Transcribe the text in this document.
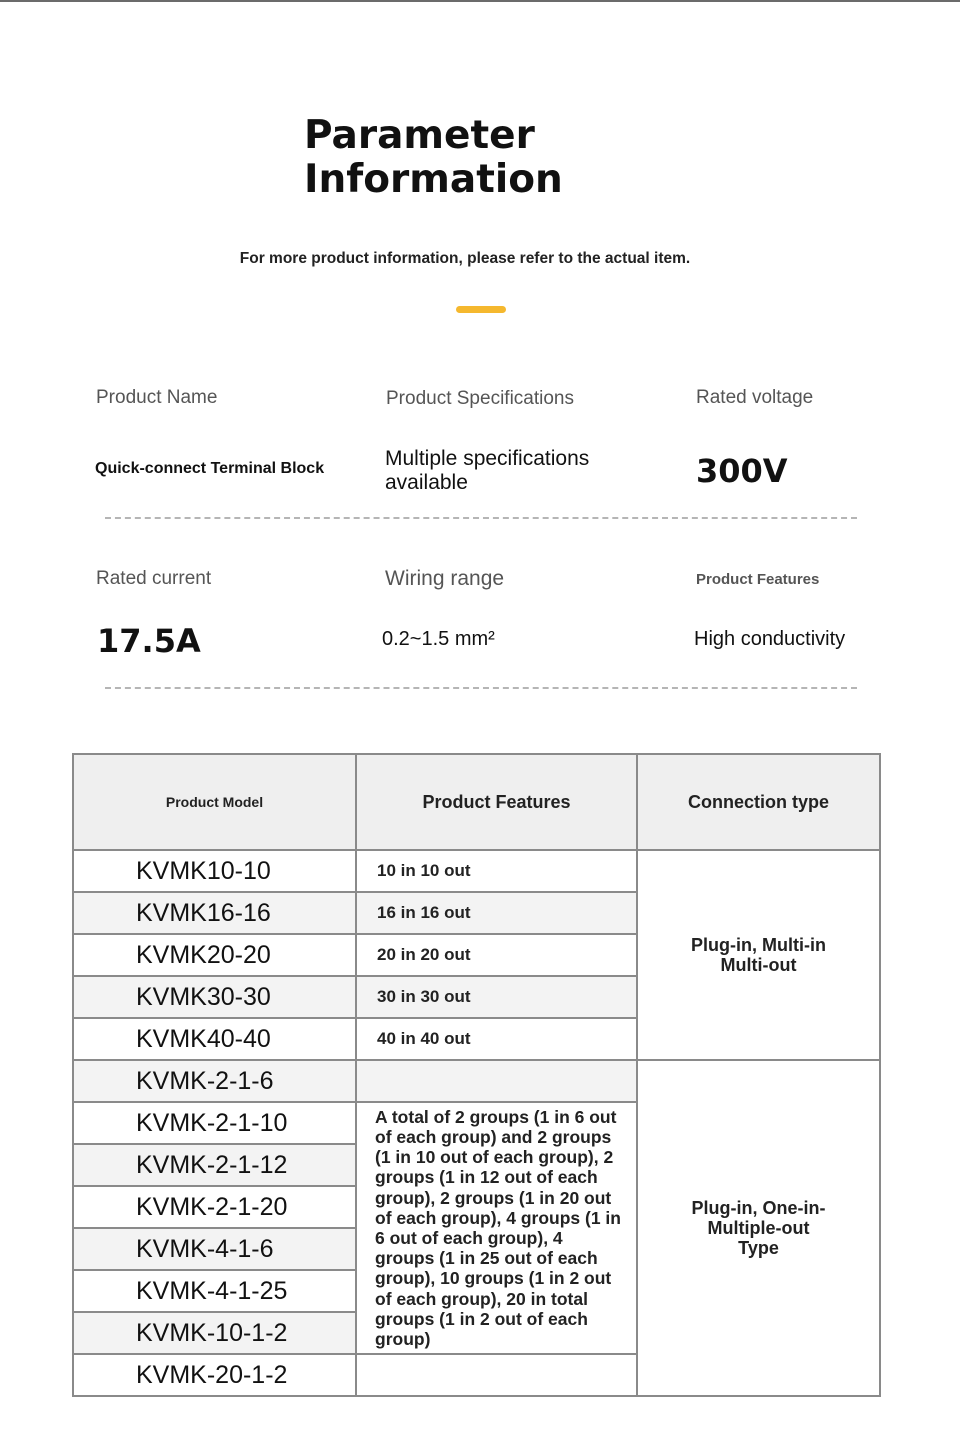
Parameter
Information
For more product information, please refer to the actual item.
Product Name	Product Specifications	Rated voltage
Quick-connect Terminal Block	Multiple specifications available	300V
Rated current	Wiring range	Product Features
17.5A	0.2~1.5 mm²	High conductivity
Product Model	Product Features	Connection type
KVMK10-10	10 in 10 out	Plug-in, Multi-in Multi-out
KVMK16-16	16 in 16 out	
KVMK20-20	20 in 20 out	
KVMK30-30	30 in 30 out	
KVMK40-40	40 in 40 out	
KVMK-2-1-6		Plug-in, One-in-Multiple-out Type
KVMK-2-1-10	A total of 2 groups (1 in 6 out of each group) and 2 groups (1 in 10 out of each group), 2 groups (1 in 12 out of each group), 2 groups (1 in 20 out of each group), 4 groups (1 in 6 out of each group), 4 groups (1 in 25 out of each group), 10 groups (1 in 2 out of each group), 20 in total groups (1 in 2 out of each group)	
KVMK-2-1-12		
KVMK-2-1-20		
KVMK-4-1-6		
KVMK-4-1-25		
KVMK-10-1-2		
KVMK-20-1-2		
